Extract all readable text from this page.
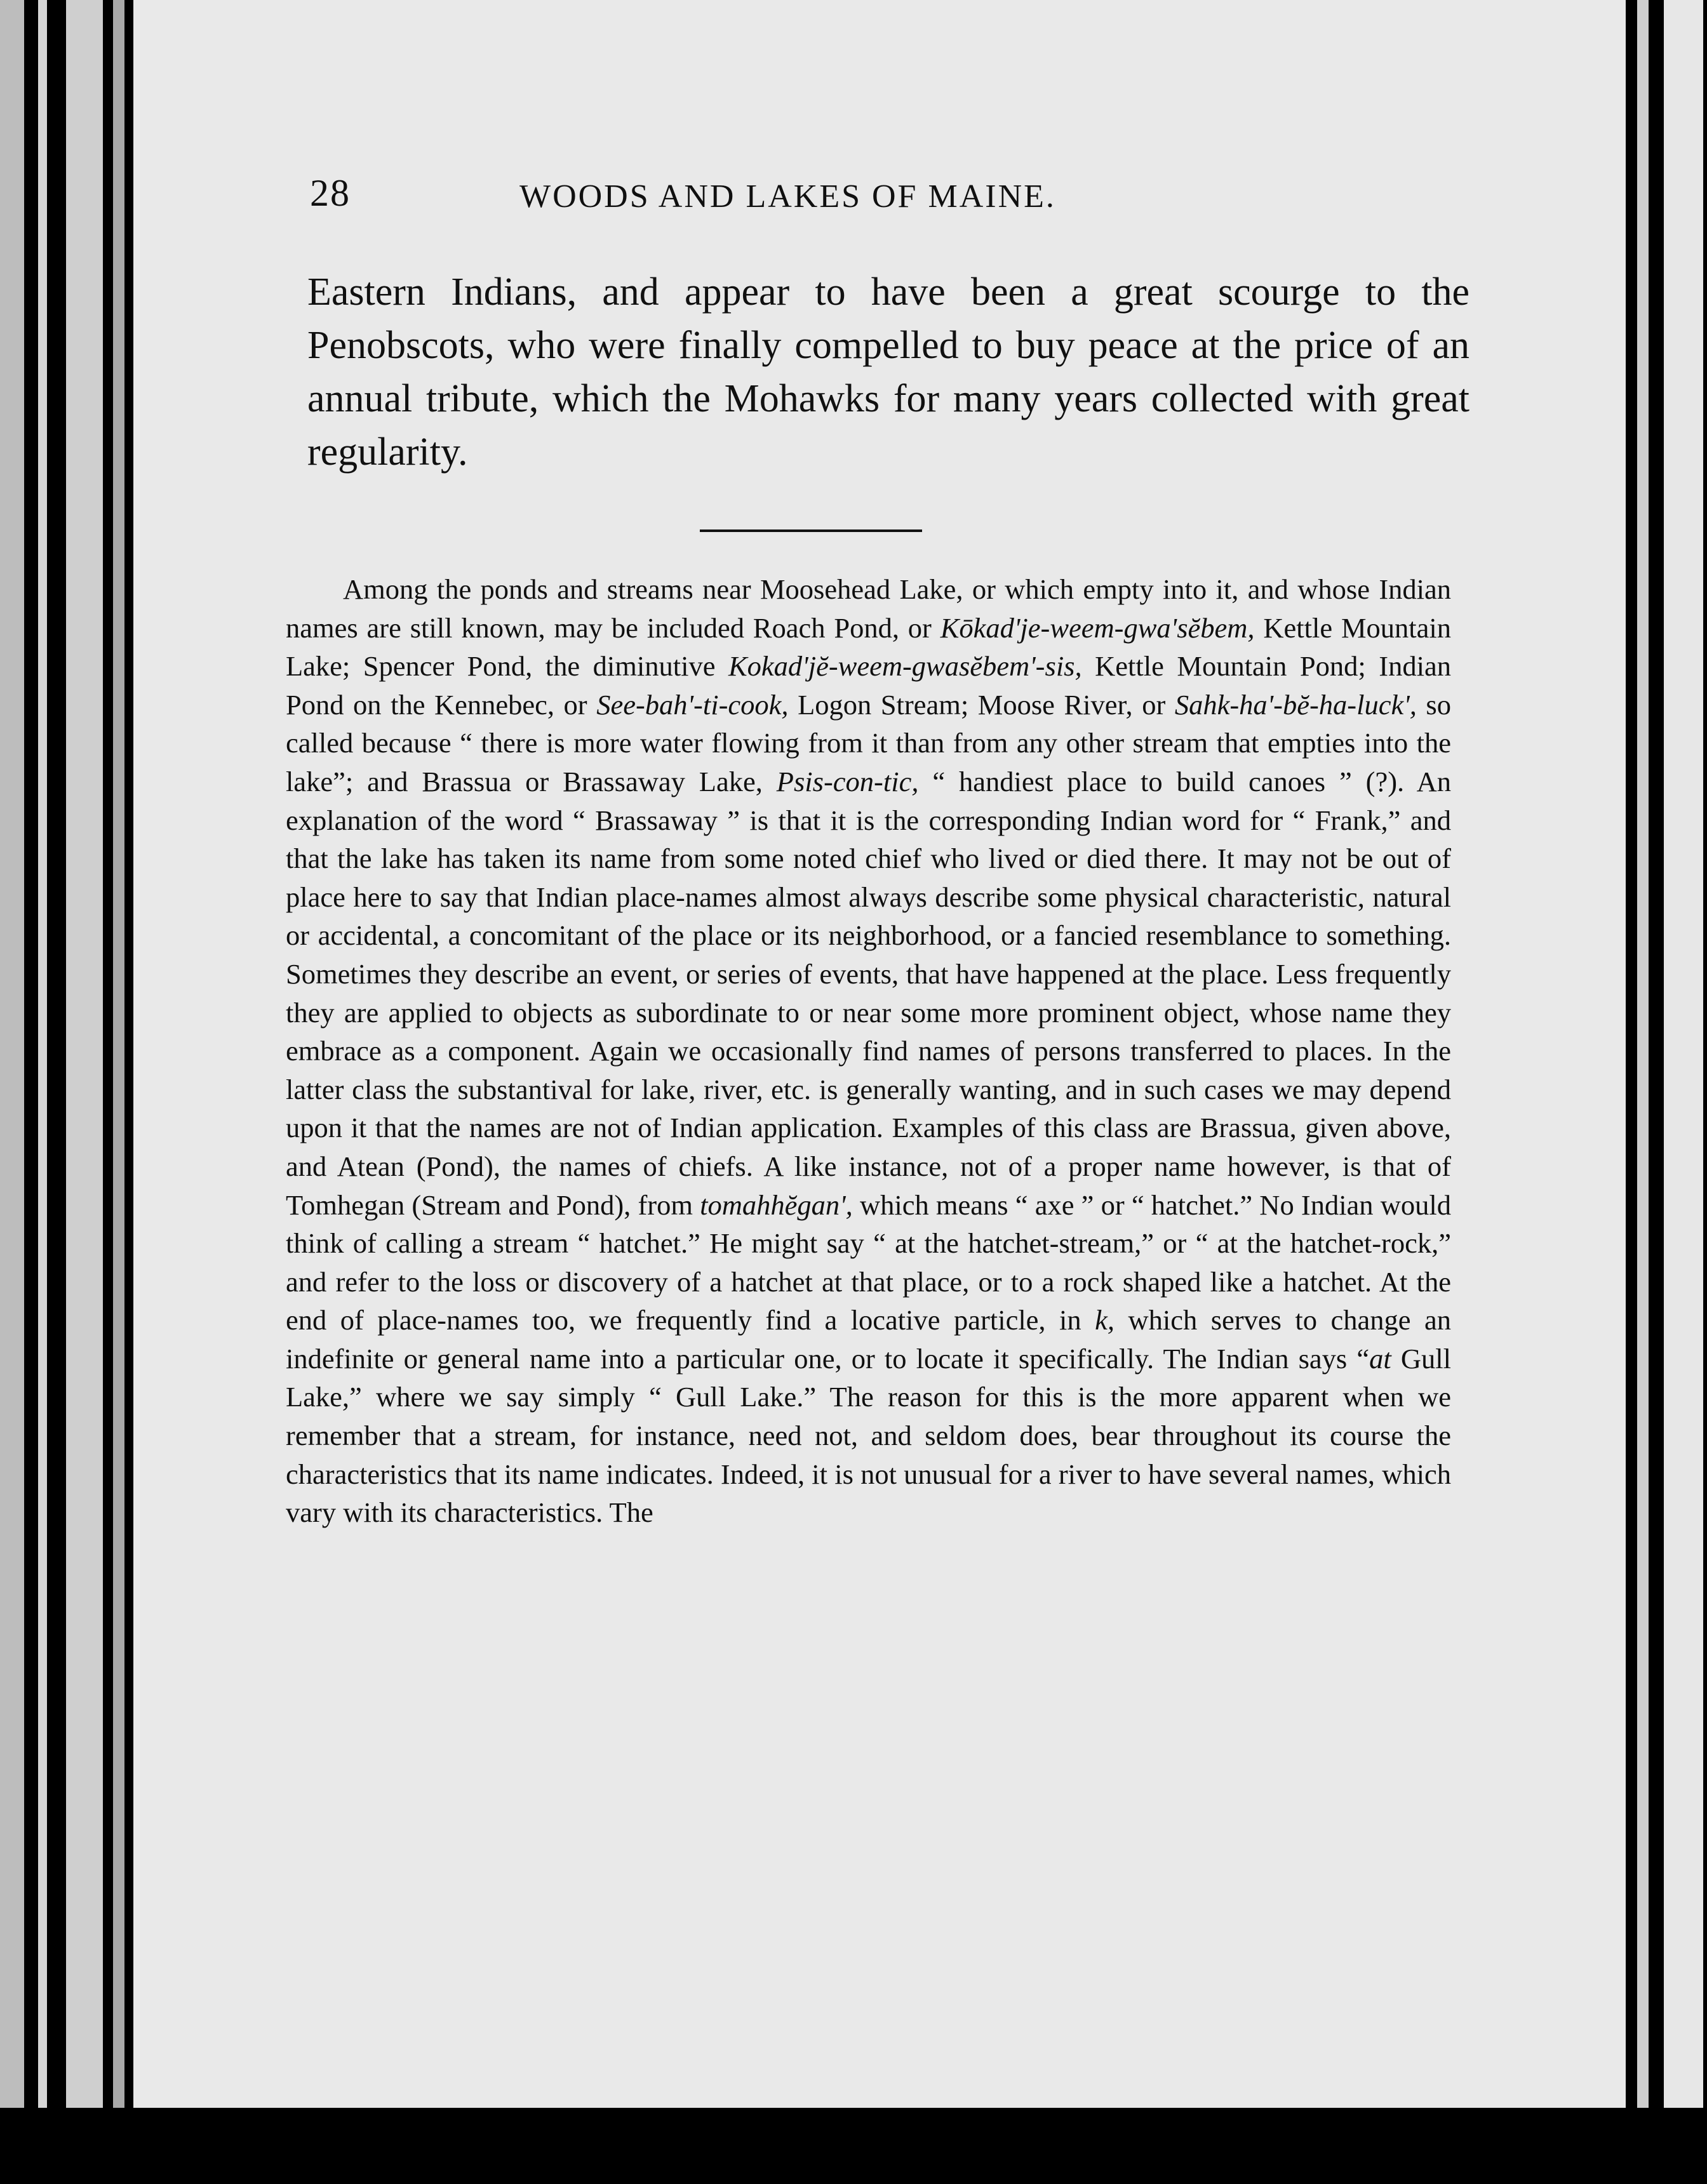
28	WOODS AND LAKES OF MAINE.
Eastern Indians, and appear to have been a great scourge to the Penobscots, who were finally compelled to buy peace at the price of an annual tribute, which the Mohawks for many years collected with great regularity.

Among the ponds and streams near Moosehead Lake, or which empty into it, and whose Indian names are still known, may be included Roach Pond, or Kōkad'je-weem-gwa'sĕbem, Kettle Mountain Lake; Spencer Pond, the diminutive Kokad'jĕ-weem-gwasĕbem'-sis, Kettle Mountain Pond; Indian Pond on the Kennebec, or See-bah'-ti-cook, Logon Stream; Moose River, or Sahk-ha'-bĕ-ha-luck', so called because “ there is more water flowing from it than from any other stream that empties into the lake”; and Brassua or Brassaway Lake, Psis-con-tic, “ handiest place to build canoes ” (?). An explanation of the word “ Brassaway ” is that it is the corresponding Indian word for “ Frank,” and that the lake has taken its name from some noted chief who lived or died there. It may not be out of place here to say that Indian place-names almost always describe some physical characteristic, natural or accidental, a concomitant of the place or its neighborhood, or a fancied resemblance to something. Sometimes they describe an event, or series of events, that have happened at the place. Less frequently they are applied to objects as subordinate to or near some more prominent object, whose name they embrace as a component. Again we occasionally find names of persons transferred to places. In the latter class the substantival for lake, river, etc. is generally wanting, and in such cases we may depend upon it that the names are not of Indian application. Examples of this class are Brassua, given above, and Atean (Pond), the names of chiefs. A like instance, not of a proper name however, is that of Tomhegan (Stream and Pond), from tomahhĕgan', which means “ axe ” or “ hatchet.” No Indian would think of calling a stream “ hatchet.” He might say “ at the hatchet-stream,” or “ at the hatchet-rock,” and refer to the loss or discovery of a hatchet at that place, or to a rock shaped like a hatchet. At the end of place-names too, we frequently find a locative particle, in k, which serves to change an indefinite or general name into a particular one, or to locate it specifically. The Indian says “at Gull Lake,” where we say simply “ Gull Lake.” The reason for this is the more apparent when we remember that a stream, for instance, need not, and seldom does, bear throughout its course the characteristics that its name indicates. Indeed, it is not unusual for a river to have several names, which vary with its characteristics. The
